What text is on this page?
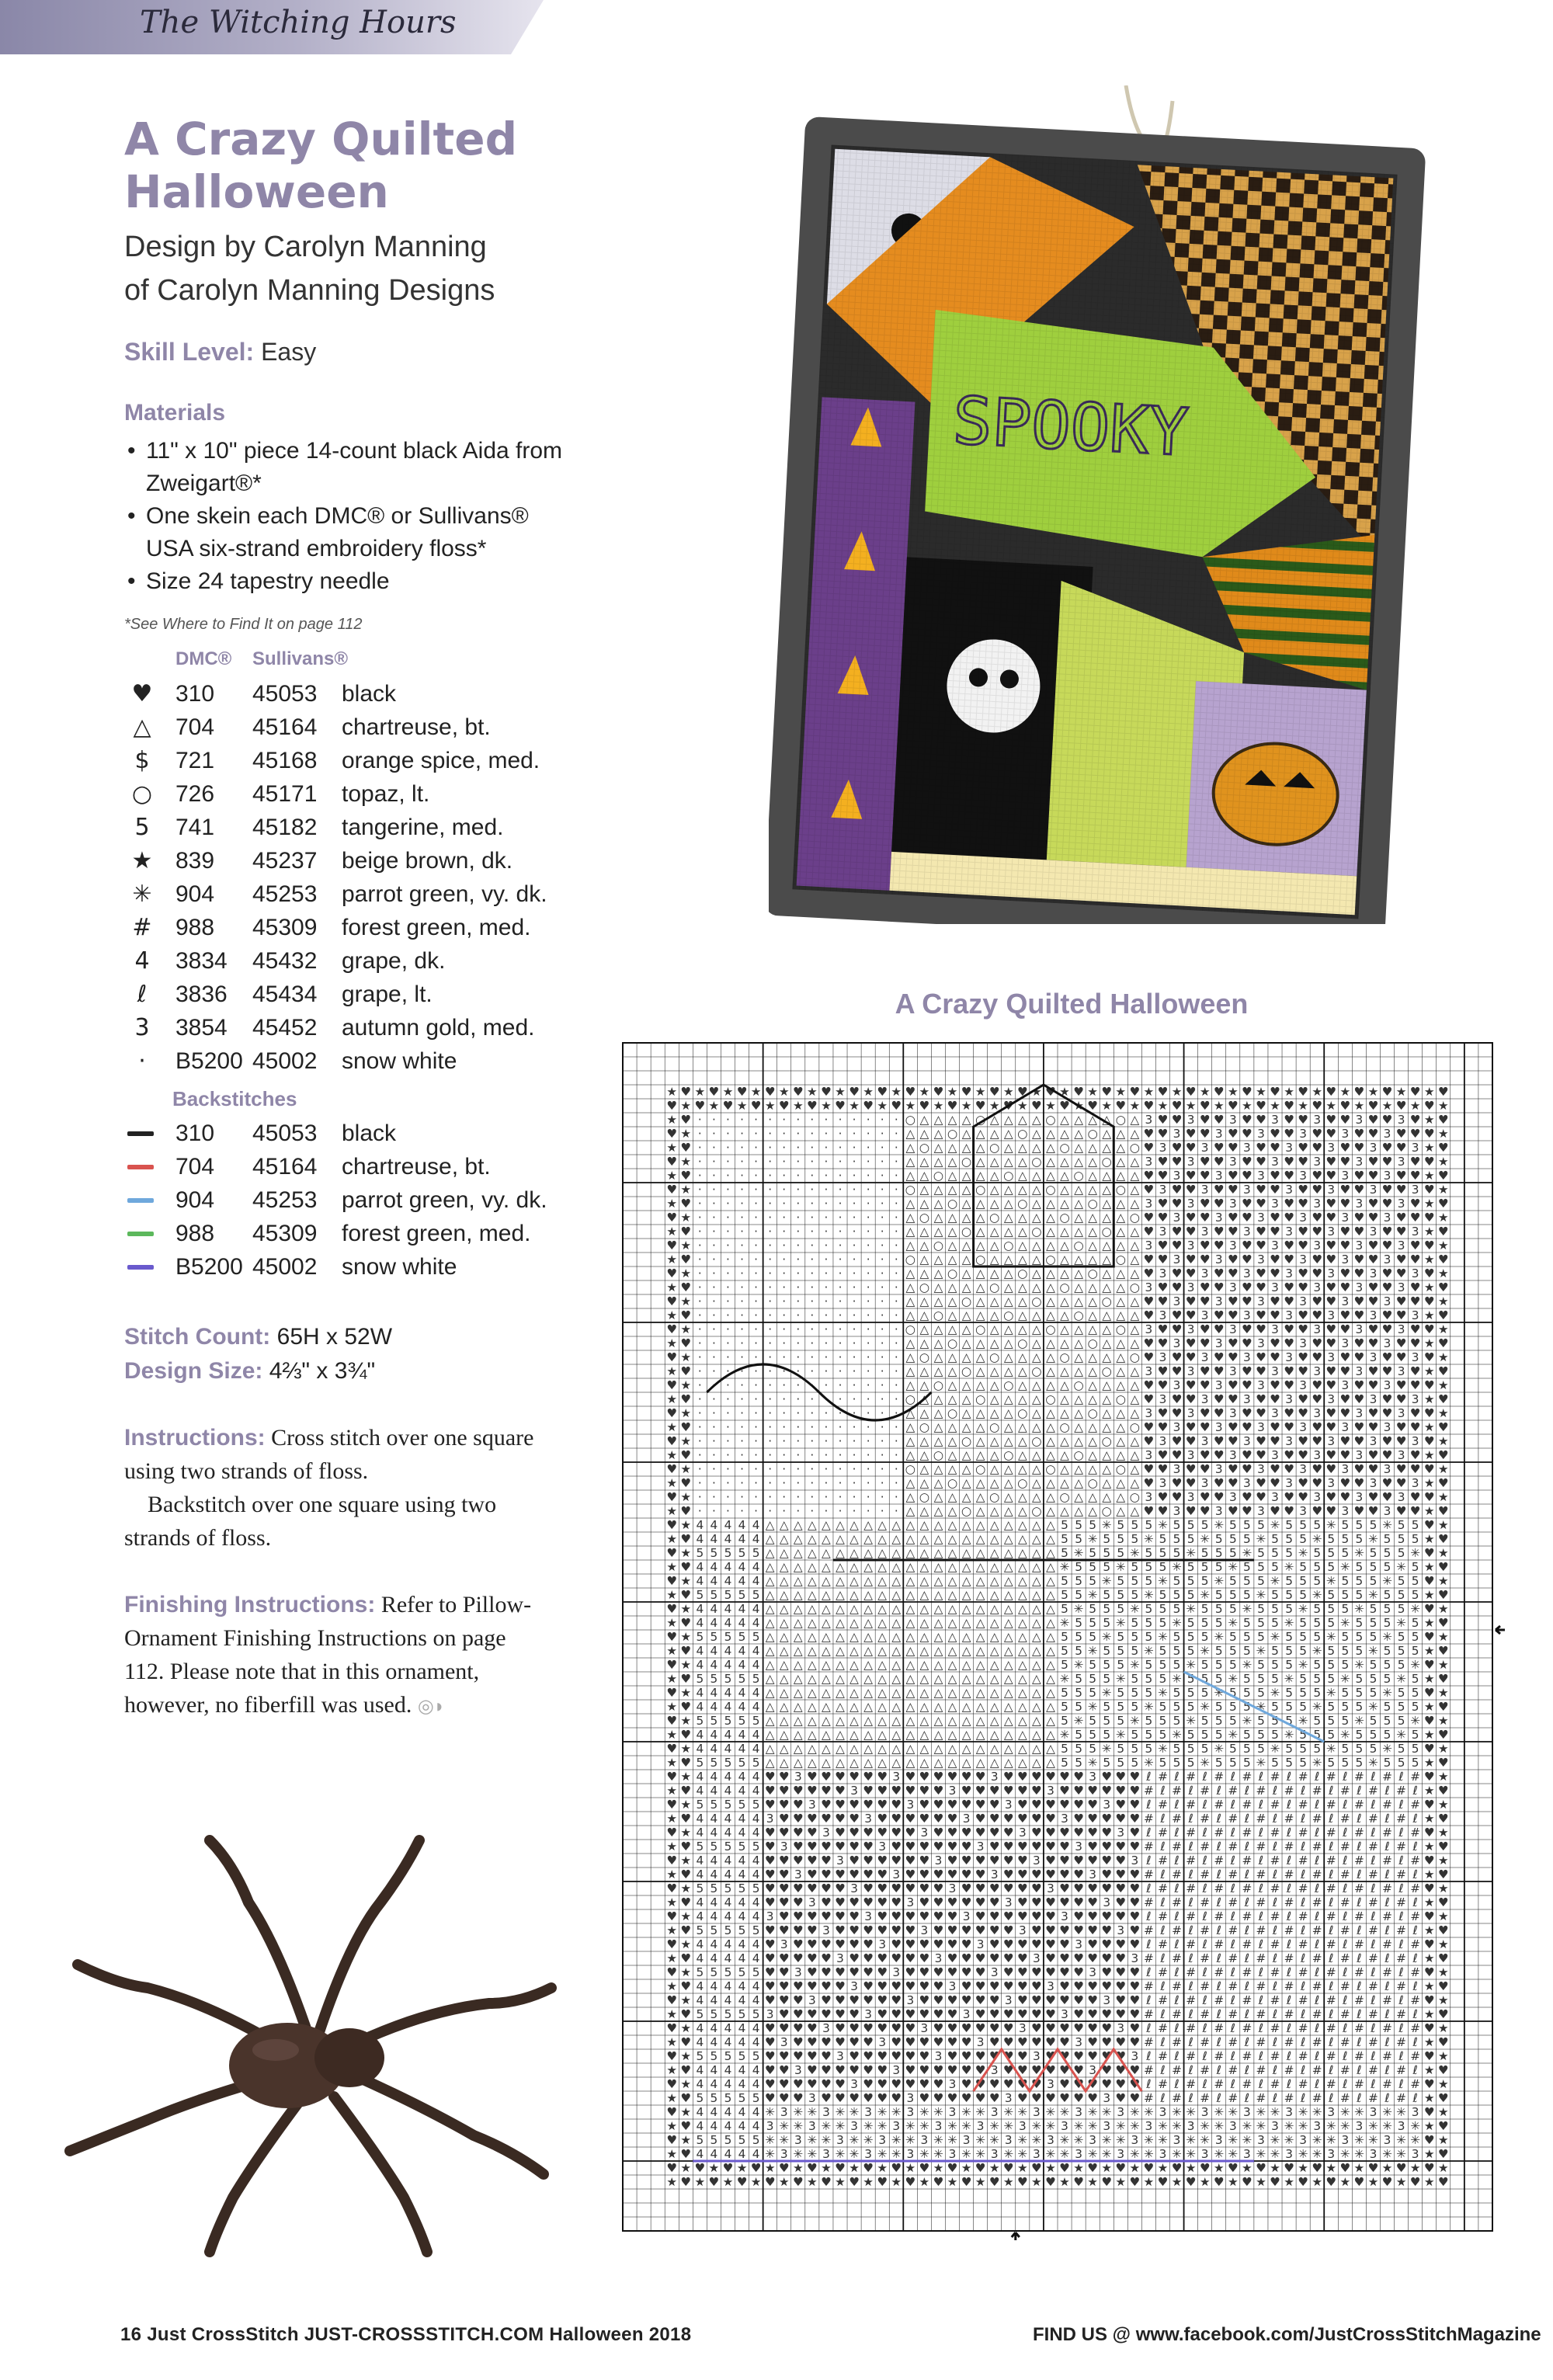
The Witching Hours
A Crazy Quilted Halloween
Design by Carolyn Manning
of Carolyn Manning Designs
Skill Level: Easy
Materials
• 11" x 10" piece 14-count black Aida from Zweigart®*
• One skein each DMC® or Sullivans® USA six-strand embroidery floss*
• Size 24 tapestry needle
*See Where to Find It on page 112
DMC® Sullivans®
♥ 310 45053 black
△ 704 45164 chartreuse, bt.
$ 721 45168 orange spice, med.
○ 726 45171 topaz, lt.
5 741 45182 tangerine, med.
★ 839 45237 beige brown, dk.
✳ 904 45253 parrot green, vy. dk.
# 988 45309 forest green, med.
4 3834 45432 grape, dk.
ℓ 3836 45434 grape, lt.
3 3854 45452 autumn gold, med.
·	B5200 45002 snow white
Backstitches
310 45053 black
704 45164 chartreuse, bt.
904 45253 parrot green, vy. dk.
988 45309 forest green, med.
B5200 45002 snow white
Stitch Count: 65H x 52W
Design Size: 4⅔" x 3¾"

Instructions: Cross stitch over one square using two strands of floss.

Backstitch over one square using two strands of floss.

Finishing Instructions: Refer to Pillow-Ornament Finishing Instructions on page 112. Please note that in this ornament, however, no fiberfill was used. ◎◗
A Crazy Quilted Halloween
★ ♥ ★ ♥ ★ ♥ ★ ♥ ★ ♥ ★ ♥ ★ ♥ ★ ♥ ★ ♥ ★ ♥ ★ ♥ ★ ♥ ★ ♥ ★ ♥ ★ ♥ ★ ♥ ★ ♥ ★ ♥ ★ ♥ ★ ♥ ★ ♥ ★ ♥ ★ ♥ ★ ♥ ★ ♥ ★ ♥ ★ ♥ ★ ♥
♥ ★ ♥ ★ ♥ ★ ♥ ★ ♥ ★ ♥ ★ ♥ ★ ♥ ★ ♥ ★ ♥ ★ ♥ ★ ♥ ★ ♥ ★ ♥ ★ ♥ ★ ♥ ★ ♥ ★ ♥ ★ ♥ ★ ♥ ★ ♥ ★ ♥ ★ ♥ ★ ♥ ★ ♥ ★ ♥ ★ ♥ ★ ♥ ★
★ ♥ · · · · · · · · · · · · · · · ○ △ △ △ △ ○ △ △ △ △ ○ △ △ △ △ ○ △ 3 ♥ ♥ 3 ♥ ♥ 3 ♥ ♥ 3 ♥ ♥ 3 ♥ ♥ 3 ♥ ♥ 3 ♥ ★ ♥
♥ ★ · · · · · · · · · · · · · · · △ △ △ ○ △ △ △ △ ○ △ △ △ △ ○ △ △ △ ♥ ♥ 3 ♥ ♥ 3 ♥ ♥ 3 ♥ ♥ 3 ♥ ♥ 3 ♥ ♥ 3 ♥ ♥ ♥ ★
★ ♥ · · · · · · · · · · · · · · · △ ○ △ △ △ △ ○ △ △ △ △ ○ △ △ △ △ ○ ♥ 3 ♥ ♥ 3 ♥ ♥ 3 ♥ ♥ 3 ♥ ♥ 3 ♥ ♥ 3 ♥ ♥ 3 ★ ♥
♥ ★ · · · · · · · · · · · · · · · △ △ △ △ ○ △ △ △ △ ○ △ △ △ △ ○ △ △ 3 ♥ ♥ 3 ♥ ♥ 3 ♥ ♥ 3 ♥ ♥ 3 ♥ ♥ 3 ♥ ♥ 3 ♥ ♥ ★
★ ♥ · · · · · · · · · · · · · · · △ △ ○ △ △ △ △ ○ △ △ △ △ ○ △ △ △ △ ♥ ♥ 3 ♥ ♥ 3 ♥ ♥ 3 ♥ ♥ 3 ♥ ♥ 3 ♥ ♥ 3 ♥ ♥ ★ ♥
♥ ★ · · · · · · · · · · · · · · · ○ △ △ △ △ ○ △ △ △ △ ○ △ △ △ △ ○ △ ♥ 3 ♥ ♥ 3 ♥ ♥ 3 ♥ ♥ 3 ♥ ♥ 3 ♥ ♥ 3 ♥ ♥ 3 ♥ ★
★ ♥ · · · · · · · · · · · · · · · △ △ △ ○ △ △ △ △ ○ △ △ △ △ ○ △ △ △ 3 ♥ ♥ 3 ♥ ♥ 3 ♥ ♥ 3 ♥ ♥ 3 ♥ ♥ 3 ♥ ♥ 3 ♥ ★ ♥
♥ ★ · · · · · · · · · · · · · · · △ ○ △ △ △ △ ○ △ △ △ △ ○ △ △ △ △ ○ ♥ ♥ 3 ♥ ♥ 3 ♥ ♥ 3 ♥ ♥ 3 ♥ ♥ 3 ♥ ♥ 3 ♥ ♥ ♥ ★
★ ♥ · · · · · · · · · · · · · · · △ △ △ △ ○ △ △ △ △ ○ △ △ △ △ ○ △ △ ♥ 3 ♥ ♥ 3 ♥ ♥ 3 ♥ ♥ 3 ♥ ♥ 3 ♥ ♥ 3 ♥ ♥ 3 ★ ♥
♥ ★ · · · · · · · · · · · · · · · △ △ ○ △ △ △ △ ○ △ △ △ △ ○ △ △ △ △ 3 ♥ ♥ 3 ♥ ♥ 3 ♥ ♥ 3 ♥ ♥ 3 ♥ ♥ 3 ♥ ♥ 3 ♥ ♥ ★
★ ♥ · · · · · · · · · · · · · · · ○ △ △ △ △ ○ △ △ △ △ ○ △ △ △ △ ○ △ ♥ ♥ 3 ♥ ♥ 3 ♥ ♥ 3 ♥ ♥ 3 ♥ ♥ 3 ♥ ♥ 3 ♥ ♥ ★ ♥
♥ ★ · · · · · · · · · · · · · · · △ △ △ ○ △ △ △ △ ○ △ △ △ △ ○ △ △ △ ♥ 3 ♥ ♥ 3 ♥ ♥ 3 ♥ ♥ 3 ♥ ♥ 3 ♥ ♥ 3 ♥ ♥ 3 ♥ ★
★ ♥ · · · · · · · · · · · · · · · △ ○ △ △ △ △ ○ △ △ △ △ ○ △ △ △ △ ○ 3 ♥ ♥ 3 ♥ ♥ 3 ♥ ♥ 3 ♥ ♥ 3 ♥ ♥ 3 ♥ ♥ 3 ♥ ★ ♥
♥ ★ · · · · · · · · · · · · · · · △ △ △ △ ○ △ △ △ △ ○ △ △ △ △ ○ △ △ ♥ ♥ 3 ♥ ♥ 3 ♥ ♥ 3 ♥ ♥ 3 ♥ ♥ 3 ♥ ♥ 3 ♥ ♥ ♥ ★
★ ♥ · · · · · · · · · · · · · · · △ △ ○ △ △ △ △ ○ △ △ △ △ ○ △ △ △ △ ♥ 3 ♥ ♥ 3 ♥ ♥ 3 ♥ ♥ 3 ♥ ♥ 3 ♥ ♥ 3 ♥ ♥ 3 ★ ♥
♥ ★ · · · · · · · · · · · · · · · ○ △ △ △ △ ○ △ △ △ △ ○ △ △ △ △ ○ △ 3 ♥ ♥ 3 ♥ ♥ 3 ♥ ♥ 3 ♥ ♥ 3 ♥ ♥ 3 ♥ ♥ 3 ♥ ♥ ★
★ ♥ · · · · · · · · · · · · · · · △ △ △ ○ △ △ △ △ ○ △ △ △ △ ○ △ △ △ ♥ ♥ 3 ♥ ♥ 3 ♥ ♥ 3 ♥ ♥ 3 ♥ ♥ 3 ♥ ♥ 3 ♥ ♥ ★ ♥
♥ ★ · · · · · · · · · · · · · · · △ ○ △ △ △ △ ○ △ △ △ △ ○ △ △ △ △ ○ ♥ 3 ♥ ♥ 3 ♥ ♥ 3 ♥ ♥ 3 ♥ ♥ 3 ♥ ♥ 3 ♥ ♥ 3 ♥ ★
★ ♥ · · · · · · · · · · · · · · · △ △ △ △ ○ △ △ △ △ ○ △ △ △ △ ○ △ △ 3 ♥ ♥ 3 ♥ ♥ 3 ♥ ♥ 3 ♥ ♥ 3 ♥ ♥ 3 ♥ ♥ 3 ♥ ★ ♥
♥ ★ · · · · · · · · · · · · · · · △ △ ○ △ △ △ △ ○ △ △ △ △ ○ △ △ △ △ ♥ ♥ 3 ♥ ♥ 3 ♥ ♥ 3 ♥ ♥ 3 ♥ ♥ 3 ♥ ♥ 3 ♥ ♥ ♥ ★
★ ♥ · · · · · · · · · · · · · · · ○ △ △ △ △ ○ △ △ △ △ ○ △ △ △ △ ○ △ ♥ 3 ♥ ♥ 3 ♥ ♥ 3 ♥ ♥ 3 ♥ ♥ 3 ♥ ♥ 3 ♥ ♥ 3 ★ ♥
♥ ★ · · · · · · · · · · · · · · · △ △ △ ○ △ △ △ △ ○ △ △ △ △ ○ △ △ △ 3 ♥ ♥ 3 ♥ ♥ 3 ♥ ♥ 3 ♥ ♥ 3 ♥ ♥ 3 ♥ ♥ 3 ♥ ♥ ★
★ ♥ · · · · · · · · · · · · · · · △ ○ △ △ △ △ ○ △ △ △ △ ○ △ △ △ △ ○ ♥ ♥ 3 ♥ ♥ 3 ♥ ♥ 3 ♥ ♥ 3 ♥ ♥ 3 ♥ ♥ 3 ♥ ♥ ★ ♥
♥ ★ · · · · · · · · · · · · · · · △ △ △ △ ○ △ △ △ △ ○ △ △ △ △ ○ △ △ ♥ 3 ♥ ♥ 3 ♥ ♥ 3 ♥ ♥ 3 ♥ ♥ 3 ♥ ♥ 3 ♥ ♥ 3 ♥ ★
★ ♥ · · · · · · · · · · · · · · · △ △ ○ △ △ △ △ ○ △ △ △ △ ○ △ △ △ △ 3 ♥ ♥ 3 ♥ ♥ 3 ♥ ♥ 3 ♥ ♥ 3 ♥ ♥ 3 ♥ ♥ 3 ♥ ★ ♥
♥ ★ · · · · · · · · · · · · · · · ○ △ △ △ △ ○ △ △ △ △ ○ △ △ △ △ ○ △ ♥ ♥ 3 ♥ ♥ 3 ♥ ♥ 3 ♥ ♥ 3 ♥ ♥ 3 ♥ ♥ 3 ♥ ♥ ♥ ★
★ ♥ · · · · · · · · · · · · · · · △ △ △ ○ △ △ △ △ ○ △ △ △ △ ○ △ △ △ ♥ 3 ♥ ♥ 3 ♥ ♥ 3 ♥ ♥ 3 ♥ ♥ 3 ♥ ♥ 3 ♥ ♥ 3 ★ ♥
♥ ★ · · · · · · · · · · · · · · · △ ○ △ △ △ △ ○ △ △ △ △ ○ △ △ △ △ ○ 3 ♥ ♥ 3 ♥ ♥ 3 ♥ ♥ 3 ♥ ♥ 3 ♥ ♥ 3 ♥ ♥ 3 ♥ ♥ ★
★ ♥ · · · · · · · · · · · · · · · △ △ △ △ ○ △ △ △ △ ○ △ △ △ △ ○ △ △ ♥ ♥ 3 ♥ ♥ 3 ♥ ♥ 3 ♥ ♥ 3 ♥ ♥ 3 ♥ ♥ 3 ♥ ♥ ★ ♥
♥ ★ 4 4 4 4 4 △ △ △ △ △ △ △ △ △ △ △ △ △ △ △ △ △ △ △ △ △ 5 5 5 ✳ 5 5 5 ✳ 5 5 5 ✳ 5 5 5 ✳ 5 5 5 ✳ 5 5 5 ✳ 5 5 ♥ ★
★ ♥ 4 4 4 4 4 △ △ △ △ △ △ △ △ △ △ △ △ △ △ △ △ △ △ △ △ △ 5 5 ✳ 5 5 5 ✳ 5 5 5 ✳ 5 5 5 ✳ 5 5 5 ✳ 5 5 5 ✳ 5 5 5 ★ ♥
♥ ★ 5 5 5 5 5 △ △ △ △ △ △ △ △ △ △ △ △ △ △ △ △ △ △ △ △ △ 5 ✳ 5 5 5 ✳ 5 5 5 ✳ 5 5 5 ✳ 5 5 5 ✳ 5 5 5 ✳ 5 5 5 ✳ ♥ ★
★ ♥ 4 4 4 4 4 △ △ △ △ △ △ △ △ △ △ △ △ △ △ △ △ △ △ △ △ △ ✳ 5 5 5 ✳ 5 5 5 ✳ 5 5 5 ✳ 5 5 5 ✳ 5 5 5 ✳ 5 5 5 ✳ 5 ★ ♥
♥ ★ 4 4 4 4 4 △ △ △ △ △ △ △ △ △ △ △ △ △ △ △ △ △ △ △ △ △ 5 5 5 ✳ 5 5 5 ✳ 5 5 5 ✳ 5 5 5 ✳ 5 5 5 ✳ 5 5 5 ✳ 5 5 ♥ ★
★ ♥ 5 5 5 5 5 △ △ △ △ △ △ △ △ △ △ △ △ △ △ △ △ △ △ △ △ △ 5 5 ✳ 5 5 5 ✳ 5 5 5 ✳ 5 5 5 ✳ 5 5 5 ✳ 5 5 5 ✳ 5 5 5 ★ ♥
♥ ★ 4 4 4 4 4 △ △ △ △ △ △ △ △ △ △ △ △ △ △ △ △ △ △ △ △ △ 5 ✳ 5 5 5 ✳ 5 5 5 ✳ 5 5 5 ✳ 5 5 5 ✳ 5 5 5 ✳ 5 5 5 ✳ ♥ ★
★ ♥ 4 4 4 4 4 △ △ △ △ △ △ △ △ △ △ △ △ △ △ △ △ △ △ △ △ △ ✳ 5 5 5 ✳ 5 5 5 ✳ 5 5 5 ✳ 5 5 5 ✳ 5 5 5 ✳ 5 5 5 ✳ 5 ★ ♥
♥ ★ 5 5 5 5 5 △ △ △ △ △ △ △ △ △ △ △ △ △ △ △ △ △ △ △ △ △ 5 5 5 ✳ 5 5 5 ✳ 5 5 5 ✳ 5 5 5 ✳ 5 5 5 ✳ 5 5 5 ✳ 5 5 ♥ ★
★ ♥ 4 4 4 4 4 △ △ △ △ △ △ △ △ △ △ △ △ △ △ △ △ △ △ △ △ △ 5 5 ✳ 5 5 5 ✳ 5 5 5 ✳ 5 5 5 ✳ 5 5 5 ✳ 5 5 5 ✳ 5 5 5 ★ ♥
♥ ★ 4 4 4 4 4 △ △ △ △ △ △ △ △ △ △ △ △ △ △ △ △ △ △ △ △ △ 5 ✳ 5 5 5 ✳ 5 5 5 ✳ 5 5 5 ✳ 5 5 5 ✳ 5 5 5 ✳ 5 5 5 ✳ ♥ ★
★ ♥ 5 5 5 5 5 △ △ △ △ △ △ △ △ △ △ △ △ △ △ △ △ △ △ △ △ △ ✳ 5 5 5 ✳ 5 5 5 ✳ 5 5 5 ✳ 5 5 5 ✳ 5 5 5 ✳ 5 5 5 ✳ 5 ★ ♥
♥ ★ 4 4 4 4 4 △ △ △ △ △ △ △ △ △ △ △ △ △ △ △ △ △ △ △ △ △ 5 5 5 ✳ 5 5 5 ✳ 5 5 5 ✳ 5 5 5 ✳ 5 5 5 ✳ 5 5 5 ✳ 5 5 ♥ ★
★ ♥ 4 4 4 4 4 △ △ △ △ △ △ △ △ △ △ △ △ △ △ △ △ △ △ △ △ △ 5 5 ✳ 5 5 5 ✳ 5 5 5 ✳ 5 5 5 ✳ 5 5 5 ✳ 5 5 5 ✳ 5 5 5 ★ ♥
♥ ★ 5 5 5 5 5 △ △ △ △ △ △ △ △ △ △ △ △ △ △ △ △ △ △ △ △ △ 5 ✳ 5 5 5 ✳ 5 5 5 ✳ 5 5 5 ✳ 5 5 5 ✳ 5 5 5 ✳ 5 5 5 ✳ ♥ ★
★ ♥ 4 4 4 4 4 △ △ △ △ △ △ △ △ △ △ △ △ △ △ △ △ △ △ △ △ △ ✳ 5 5 5 ✳ 5 5 5 ✳ 5 5 5 ✳ 5 5 5 ✳ 5 5 5 ✳ 5 5 5 ✳ 5 ★ ♥
♥ ★ 4 4 4 4 4 △ △ △ △ △ △ △ △ △ △ △ △ △ △ △ △ △ △ △ △ △ 5 5 5 ✳ 5 5 5 ✳ 5 5 5 ✳ 5 5 5 ✳ 5 5 5 ✳ 5 5 5 ✳ 5 5 ♥ ★
★ ♥ 5 5 5 5 5 △ △ △ △ △ △ △ △ △ △ △ △ △ △ △ △ △ △ △ △ △ 5 5 ✳ 5 5 5 ✳ 5 5 5 ✳ 5 5 5 ✳ 5 5 5 ✳ 5 5 5 ✳ 5 5 5 ★ ♥
♥ ★ 4 4 4 4 4 ♥ ♥ 3 ♥ ♥ ♥ ♥ ♥ ♥ 3 ♥ ♥ ♥ ♥ ♥ ♥ 3 ♥ ♥ ♥ ♥ ♥ ♥ 3 ♥ ♥ ♥ ℓ # ℓ # ℓ # ℓ # ℓ # ℓ # ℓ # ℓ # ℓ # ℓ # ♥ ★
★ ♥ 4 4 4 4 4 ♥ ♥ ♥ ♥ ♥ ♥ 3 ♥ ♥ ♥ ♥ ♥ ♥ 3 ♥ ♥ ♥ ♥ ♥ ♥ 3 ♥ ♥ ♥ ♥ ♥ ♥ # ℓ # ℓ # ℓ # ℓ # ℓ # ℓ # ℓ # ℓ # ℓ # ℓ ★ ♥
♥ ★ 5 5 5 5 5 ♥ ♥ ♥ 3 ♥ ♥ ♥ ♥ ♥ ♥ 3 ♥ ♥ ♥ ♥ ♥ ♥ 3 ♥ ♥ ♥ ♥ ♥ ♥ 3 ♥ ♥ ℓ # ℓ # ℓ # ℓ # ℓ # ℓ # ℓ # ℓ # ℓ # ℓ # ♥ ★
★ ♥ 4 4 4 4 4 3 ♥ ♥ ♥ ♥ ♥ ♥ 3 ♥ ♥ ♥ ♥ ♥ ♥ 3 ♥ ♥ ♥ ♥ ♥ ♥ 3 ♥ ♥ ♥ ♥ ♥ # ℓ # ℓ # ℓ # ℓ # ℓ # ℓ # ℓ # ℓ # ℓ # ℓ ★ ♥
♥ ★ 4 4 4 4 4 ♥ ♥ ♥ ♥ 3 ♥ ♥ ♥ ♥ ♥ ♥ 3 ♥ ♥ ♥ ♥ ♥ ♥ 3 ♥ ♥ ♥ ♥ ♥ ♥ 3 ♥ ℓ # ℓ # ℓ # ℓ # ℓ # ℓ # ℓ # ℓ # ℓ # ℓ # ♥ ★
★ ♥ 5 5 5 5 5 ♥ 3 ♥ ♥ ♥ ♥ ♥ ♥ 3 ♥ ♥ ♥ ♥ ♥ ♥ 3 ♥ ♥ ♥ ♥ ♥ ♥ 3 ♥ ♥ ♥ ♥ # ℓ # ℓ # ℓ # ℓ # ℓ # ℓ # ℓ # ℓ # ℓ # ℓ ★ ♥
♥ ★ 4 4 4 4 4 ♥ ♥ ♥ ♥ ♥ 3 ♥ ♥ ♥ ♥ ♥ ♥ 3 ♥ ♥ ♥ ♥ ♥ ♥ 3 ♥ ♥ ♥ ♥ ♥ ♥ 3 ℓ # ℓ # ℓ # ℓ # ℓ # ℓ # ℓ # ℓ # ℓ # ℓ # ♥ ★
★ ♥ 4 4 4 4 4 ♥ ♥ 3 ♥ ♥ ♥ ♥ ♥ ♥ 3 ♥ ♥ ♥ ♥ ♥ ♥ 3 ♥ ♥ ♥ ♥ ♥ ♥ 3 ♥ ♥ ♥ # ℓ # ℓ # ℓ # ℓ # ℓ # ℓ # ℓ # ℓ # ℓ # ℓ ★ ♥
♥ ★ 5 5 5 5 5 ♥ ♥ ♥ ♥ ♥ ♥ 3 ♥ ♥ ♥ ♥ ♥ ♥ 3 ♥ ♥ ♥ ♥ ♥ ♥ 3 ♥ ♥ ♥ ♥ ♥ ♥ ℓ # ℓ # ℓ # ℓ # ℓ # ℓ # ℓ # ℓ # ℓ # ℓ # ♥ ★
★ ♥ 4 4 4 4 4 ♥ ♥ ♥ 3 ♥ ♥ ♥ ♥ ♥ ♥ 3 ♥ ♥ ♥ ♥ ♥ ♥ 3 ♥ ♥ ♥ ♥ ♥ ♥ 3 ♥ ♥ # ℓ # ℓ # ℓ # ℓ # ℓ # ℓ # ℓ # ℓ # ℓ # ℓ ★ ♥
♥ ★ 4 4 4 4 4 3 ♥ ♥ ♥ ♥ ♥ ♥ 3 ♥ ♥ ♥ ♥ ♥ ♥ 3 ♥ ♥ ♥ ♥ ♥ ♥ 3 ♥ ♥ ♥ ♥ ♥ ℓ # ℓ # ℓ # ℓ # ℓ # ℓ # ℓ # ℓ # ℓ # ℓ # ♥ ★
★ ♥ 5 5 5 5 5 ♥ ♥ ♥ ♥ 3 ♥ ♥ ♥ ♥ ♥ ♥ 3 ♥ ♥ ♥ ♥ ♥ ♥ 3 ♥ ♥ ♥ ♥ ♥ ♥ 3 ♥ # ℓ # ℓ # ℓ # ℓ # ℓ # ℓ # ℓ # ℓ # ℓ # ℓ ★ ♥
♥ ★ 4 4 4 4 4 ♥ 3 ♥ ♥ ♥ ♥ ♥ ♥ 3 ♥ ♥ ♥ ♥ ♥ ♥ 3 ♥ ♥ ♥ ♥ ♥ ♥ 3 ♥ ♥ ♥ ♥ ℓ # ℓ # ℓ # ℓ # ℓ # ℓ # ℓ # ℓ # ℓ # ℓ # ♥ ★
★ ♥ 4 4 4 4 4 ♥ ♥ ♥ ♥ ♥ 3 ♥ ♥ ♥ ♥ ♥ ♥ 3 ♥ ♥ ♥ ♥ ♥ ♥ 3 ♥ ♥ ♥ ♥ ♥ ♥ 3 # ℓ # ℓ # ℓ # ℓ # ℓ # ℓ # ℓ # ℓ # ℓ # ℓ ★ ♥
♥ ★ 5 5 5 5 5 ♥ ♥ 3 ♥ ♥ ♥ ♥ ♥ ♥ 3 ♥ ♥ ♥ ♥ ♥ ♥ 3 ♥ ♥ ♥ ♥ ♥ ♥ 3 ♥ ♥ ♥ ℓ # ℓ # ℓ # ℓ # ℓ # ℓ # ℓ # ℓ # ℓ # ℓ # ♥ ★
★ ♥ 4 4 4 4 4 ♥ ♥ ♥ ♥ ♥ ♥ 3 ♥ ♥ ♥ ♥ ♥ ♥ 3 ♥ ♥ ♥ ♥ ♥ ♥ 3 ♥ ♥ ♥ ♥ ♥ ♥ # ℓ # ℓ # ℓ # ℓ # ℓ # ℓ # ℓ # ℓ # ℓ # ℓ ★ ♥
♥ ★ 4 4 4 4 4 ♥ ♥ ♥ 3 ♥ ♥ ♥ ♥ ♥ ♥ 3 ♥ ♥ ♥ ♥ ♥ ♥ 3 ♥ ♥ ♥ ♥ ♥ ♥ 3 ♥ ♥ ℓ # ℓ # ℓ # ℓ # ℓ # ℓ # ℓ # ℓ # ℓ # ℓ # ♥ ★
★ ♥ 5 5 5 5 5 3 ♥ ♥ ♥ ♥ ♥ ♥ 3 ♥ ♥ ♥ ♥ ♥ ♥ 3 ♥ ♥ ♥ ♥ ♥ ♥ 3 ♥ ♥ ♥ ♥ ♥ # ℓ # ℓ # ℓ # ℓ # ℓ # ℓ # ℓ # ℓ # ℓ # ℓ ★ ♥
♥ ★ 4 4 4 4 4 ♥ ♥ ♥ ♥ 3 ♥ ♥ ♥ ♥ ♥ ♥ 3 ♥ ♥ ♥ ♥ ♥ ♥ 3 ♥ ♥ ♥ ♥ ♥ ♥ 3 ♥ ℓ # ℓ # ℓ # ℓ # ℓ # ℓ # ℓ # ℓ # ℓ # ℓ # ♥ ★
★ ♥ 4 4 4 4 4 ♥ 3 ♥ ♥ ♥ ♥ ♥ ♥ 3 ♥ ♥ ♥ ♥ ♥ ♥ 3 ♥ ♥ ♥ ♥ ♥ ♥ 3 ♥ ♥ ♥ ♥ # ℓ # ℓ # ℓ # ℓ # ℓ # ℓ # ℓ # ℓ # ℓ # ℓ ★ ♥
♥ ★ 5 5 5 5 5 ♥ ♥ ♥ ♥ ♥ 3 ♥ ♥ ♥ ♥ ♥ ♥ 3 ♥ ♥ ♥ ♥ ♥ ♥ 3 ♥ ♥ ♥ ♥ ♥ ♥ 3 ℓ # ℓ # ℓ # ℓ # ℓ # ℓ # ℓ # ℓ # ℓ # ℓ # ♥ ★
★ ♥ 4 4 4 4 4 ♥ ♥ 3 ♥ ♥ ♥ ♥ ♥ ♥ 3 ♥ ♥ ♥ ♥ ♥ ♥ 3 ♥ ♥ ♥ ♥ ♥ ♥ 3 ♥ ♥ ♥ # ℓ # ℓ # ℓ # ℓ # ℓ # ℓ # ℓ # ℓ # ℓ # ℓ ★ ♥
♥ ★ 4 4 4 4 4 ♥ ♥ ♥ ♥ ♥ ♥ 3 ♥ ♥ ♥ ♥ ♥ ♥ 3 ♥ ♥ ♥ ♥ ♥ ♥ 3 ♥ ♥ ♥ ♥ ♥ ♥ ℓ # ℓ # ℓ # ℓ # ℓ # ℓ # ℓ # ℓ # ℓ # ℓ # ♥ ★
★ ♥ 5 5 5 5 5 ♥ ♥ ♥ 3 ♥ ♥ ♥ ♥ ♥ ♥ 3 ♥ ♥ ♥ ♥ ♥ ♥ 3 ♥ ♥ ♥ ♥ ♥ ♥ 3 ♥ ♥ # ℓ # ℓ # ℓ # ℓ # ℓ # ℓ # ℓ # ℓ # ℓ # ℓ ★ ♥
♥ ★ 4 4 4 4 4 ✳ 3 ✳ ✳ 3 ✳ ✳ 3 ✳ ✳ 3 ✳ ✳ 3 ✳ ✳ 3 ✳ ✳ 3 ✳ ✳ 3 ✳ ✳ 3 ✳ ✳ 3 ✳ ✳ 3 ✳ ✳ 3 ✳ ✳ 3 ✳ ✳ 3 ✳ ✳ 3 ✳ ✳ 3 ♥ ★
★ ♥ 4 4 4 4 4 3 ✳ ✳ 3 ✳ ✳ 3 ✳ ✳ 3 ✳ ✳ 3 ✳ ✳ 3 ✳ ✳ 3 ✳ ✳ 3 ✳ ✳ 3 ✳ ✳ 3 ✳ ✳ 3 ✳ ✳ 3 ✳ ✳ 3 ✳ ✳ 3 ✳ ✳ 3 ✳ ✳ 3 ✳ ★ ♥
♥ ★ 5 5 5 5 5 ✳ ✳ 3 ✳ ✳ 3 ✳ ✳ 3 ✳ ✳ 3 ✳ ✳ 3 ✳ ✳ 3 ✳ ✳ 3 ✳ ✳ 3 ✳ ✳ 3 ✳ ✳ 3 ✳ ✳ 3 ✳ ✳ 3 ✳ ✳ 3 ✳ ✳ 3 ✳ ✳ 3 ✳ ✳ ♥ ★
★ ♥ 4 4 4 4 4 ✳ 3 ✳ ✳ 3 ✳ ✳ 3 ✳ ✳ 3 ✳ ✳ 3 ✳ ✳ 3 ✳ ✳ 3 ✳ ✳ 3 ✳ ✳ 3 ✳ ✳ 3 ✳ ✳ 3 ✳ ✳ 3 ✳ ✳ 3 ✳ ✳ 3 ✳ ✳ 3 ✳ ✳ 3 ★ ♥
♥ ★ ♥ ★ ♥ ★ ♥ ★ ♥ ★ ♥ ★ ♥ ★ ♥ ★ ♥ ★ ♥ ★ ♥ ★ ♥ ★ ♥ ★ ♥ ★ ♥ ★ ♥ ★ ♥ ★ ♥ ★ ♥ ★ ♥ ★ ♥ ★ ♥ ★ ♥ ★ ♥ ★ ♥ ★ ♥ ★ ♥ ★ ♥ ★
★ ♥ ★ ♥ ★ ♥ ★ ♥ ★ ♥ ★ ♥ ★ ♥ ★ ♥ ★ ♥ ★ ♥ ★ ♥ ★ ♥ ★ ♥ ★ ♥ ★ ♥ ★ ♥ ★ ♥ ★ ♥ ★ ♥ ★ ♥ ★ ♥ ★ ♥ ★ ♥ ★ ♥ ★ ♥ ★ ♥ ★ ♥ ★ ♥
16 Just CrossStitch JUST-CROSSSTITCH.COM Halloween 2018	FIND US @ www.facebook.com/JustCrossStitchMagazine
